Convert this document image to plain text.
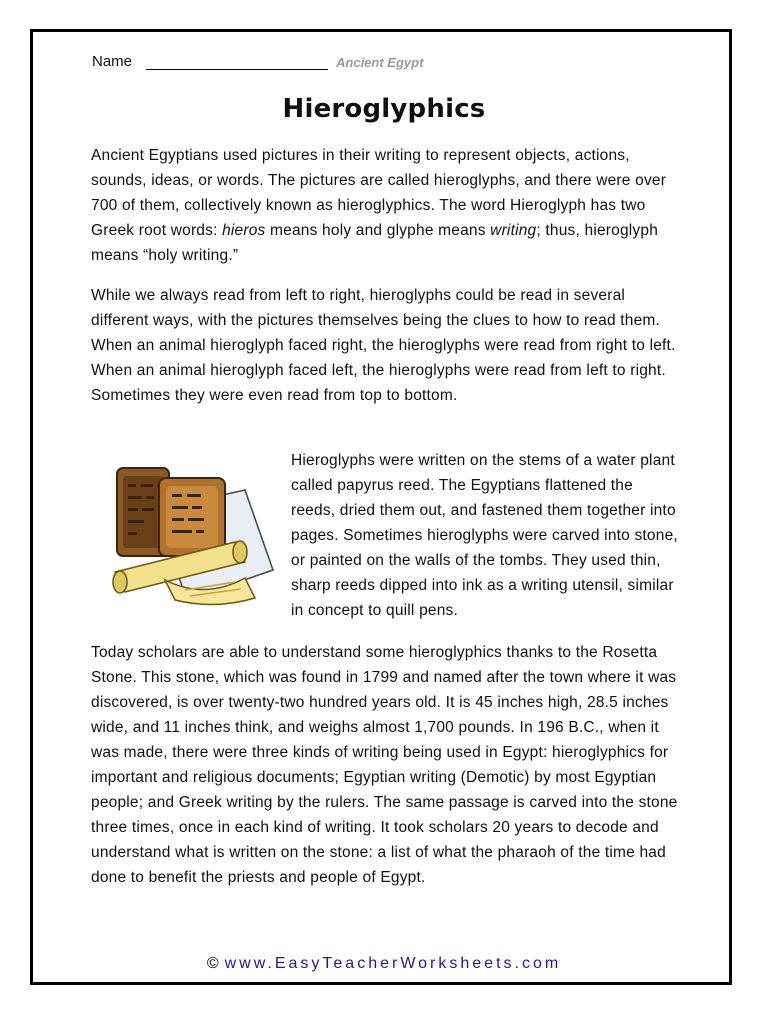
Name	Ancient Egypt
Hieroglyphics

Ancient Egyptians used pictures in their writing to represent objects, actions, sounds, ideas, or words. The pictures are called hieroglyphs, and there were over 700 of them, collectively known as hieroglyphics. The word Hieroglyph has two Greek root words: hieros means holy and glyphe means writing; thus, hieroglyph means “holy writing.”

While we always read from left to right, hieroglyphs could be read in several different ways, with the pictures themselves being the clues to how to read them. When an animal hieroglyph faced right, the hieroglyphs were read from right to left. When an animal hieroglyph faced left, the hieroglyphs were read from left to right. Sometimes they were even read from top to bottom.

Hieroglyphs were written on the stems of a water plant called papyrus reed. The Egyptians flattened the reeds, dried them out, and fastened them together into pages. Sometimes hieroglyphs were carved into stone, or painted on the walls of the tombs. They used thin, sharp reeds dipped into ink as a writing utensil, similar in concept to quill pens.

Today scholars are able to understand some hieroglyphics thanks to the Rosetta Stone. This stone, which was found in 1799 and named after the town where it was discovered, is over twenty-two hundred years old. It is 45 inches high, 28.5 inches wide, and 11 inches think, and weighs almost 1,700 pounds. In 196 B.C., when it was made, there were three kinds of writing being used in Egypt: hieroglyphics for important and religious documents; Egyptian writing (Demotic) by most Egyptian people; and Greek writing by the rulers. The same passage is carved into the stone three times, once in each kind of writing. It took scholars 20 years to decode and understand what is written on the stone: a list of what the pharaoh of the time had done to benefit the priests and people of Egypt.

© www.EasyTeacherWorksheets.com
